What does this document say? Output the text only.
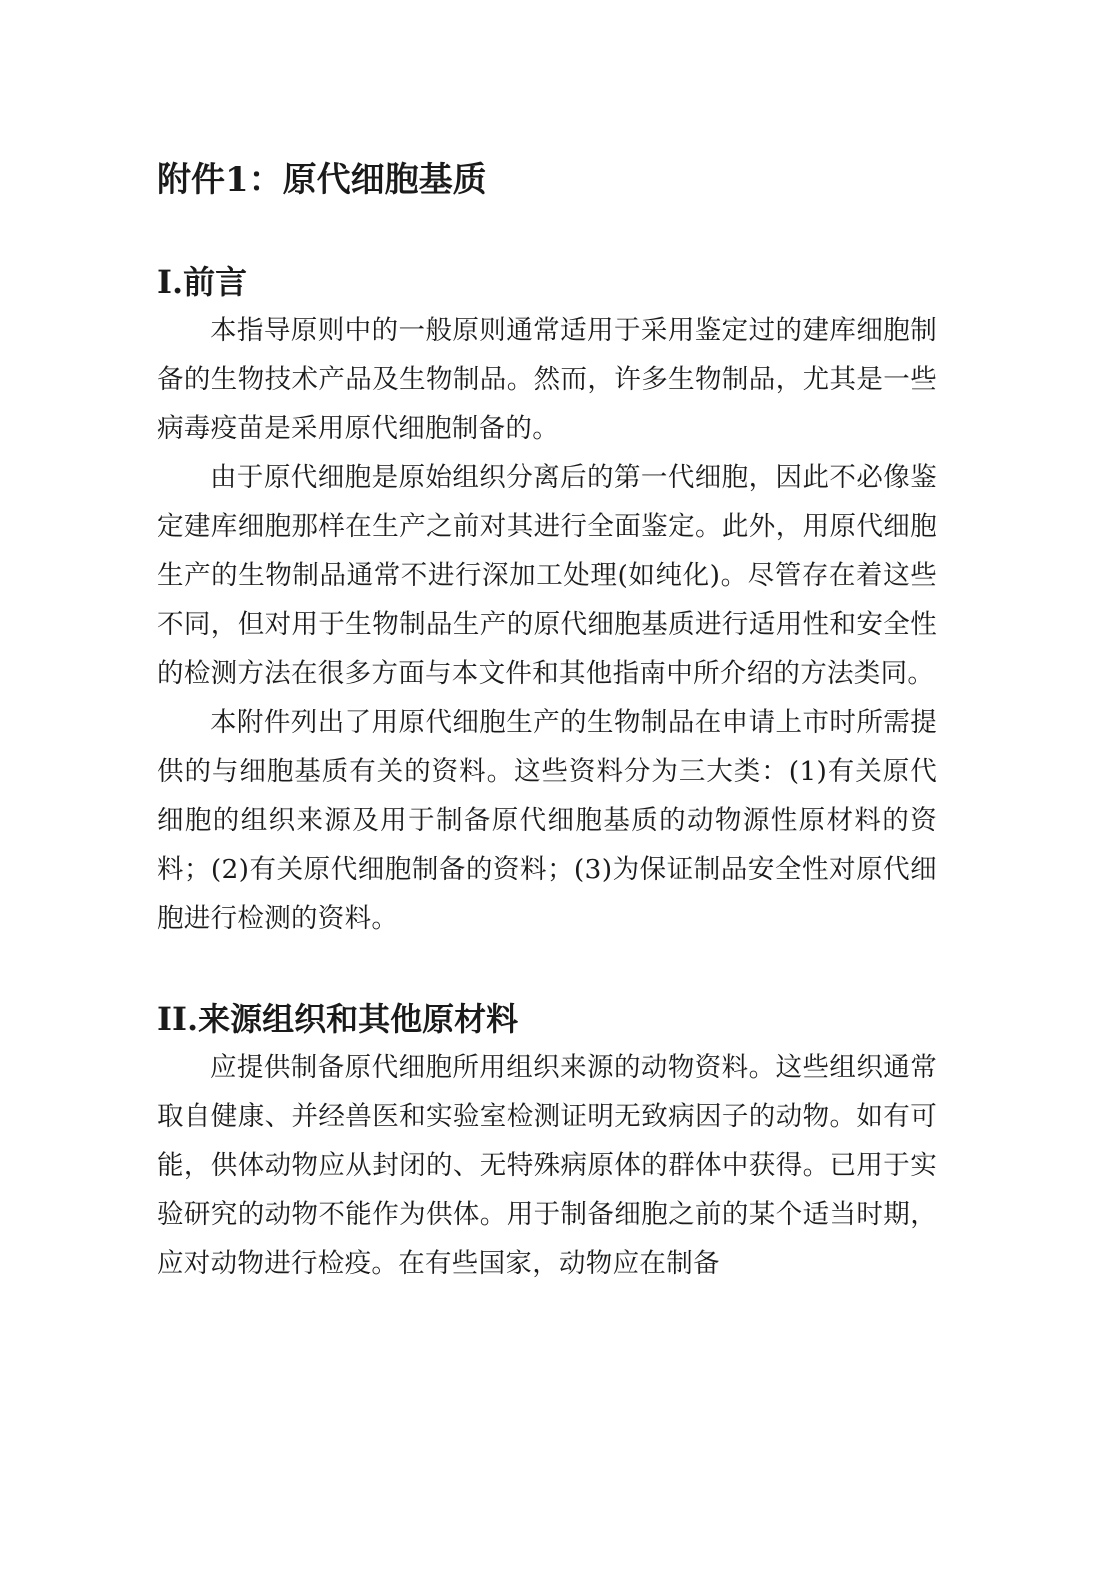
附件1：原代细胞基质
I.前言

本指导原则中的一般原则通常适用于采用鉴定过的建库细胞制备的生物技术产品及生物制品。然而，许多生物制品，尤其是一些病毒疫苗是采用原代细胞制备的。

由于原代细胞是原始组织分离后的第一代细胞，因此不必像鉴定建库细胞那样在生产之前对其进行全面鉴定。此外，用原代细胞生产的生物制品通常不进行深加工处理(如纯化)。尽管存在着这些不同，但对用于生物制品生产的原代细胞基质进行适用性和安全性的检测方法在很多方面与本文件和其他指南中所介绍的方法类同。

本附件列出了用原代细胞生产的生物制品在申请上市时所需提供的与细胞基质有关的资料。这些资料分为三大类：(1)有关原代细胞的组织来源及用于制备原代细胞基质的动物源性原材料的资料；(2)有关原代细胞制备的资料；(3)为保证制品安全性对原代细胞进行检测的资料。

II.来源组织和其他原材料

应提供制备原代细胞所用组织来源的动物资料。这些组织通常取自健康、并经兽医和实验室检测证明无致病因子的动物。如有可能，供体动物应从封闭的、无特殊病原体的群体中获得。已用于实验研究的动物不能作为供体。用于制备细胞之前的某个适当时期，应对动物进行检疫。在有些国家，动物应在制备
